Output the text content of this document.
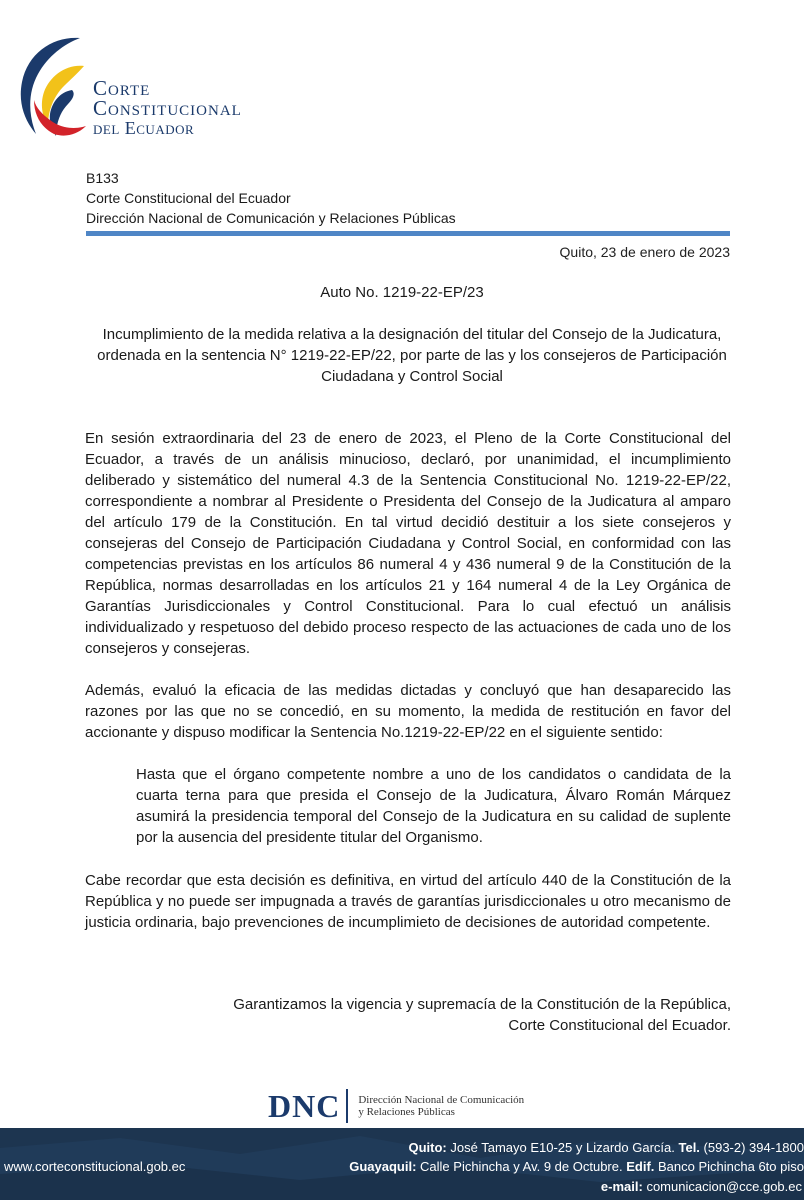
Corte
Constitucional
del Ecuador
B133
Corte Constitucional del Ecuador
Dirección Nacional de Comunicación y Relaciones Públicas
Quito, 23 de enero de 2023
Auto No. 1219-22-EP/23
Incumplimiento de la medida relativa a la designación del titular del Consejo de la Judicatura, ordenada en la sentencia N° 1219-22-EP/22, por parte de las y los consejeros de Participación Ciudadana y Control Social

En sesión extraordinaria del 23 de enero de 2023, el Pleno de la Corte Constitucional del Ecuador, a través de un análisis minucioso, declaró, por unanimidad, el incumplimiento deliberado y sistemático del numeral 4.3 de la Sentencia Constitucional No. 1219-22-EP/22, correspondiente a nombrar al Presidente o Presidenta del Consejo de la Judicatura al amparo del artículo 179 de la Constitución. En tal virtud decidió destituir a los siete consejeros y consejeras del Consejo de Participación Ciudadana y Control Social, en conformidad con las competencias previstas en los artículos 86 numeral 4 y 436 numeral 9 de la Constitución de la República, normas desarrolladas en los artículos 21 y 164 numeral 4 de la Ley Orgánica de Garantías Jurisdiccionales y Control Constitucional. Para lo cual efectuó un análisis individualizado y respetuoso del debido proceso respecto de las actuaciones de cada uno de los consejeros y consejeras.

Además, evaluó la eficacia de las medidas dictadas y concluyó que han desaparecido las razones por las que no se concedió, en su momento, la medida de restitución en favor del accionante y dispuso modificar la Sentencia No.1219-22-EP/22 en el siguiente sentido:

Hasta que el órgano competente nombre a uno de los candidatos o candidata de la cuarta terna para que presida el Consejo de la Judicatura, Álvaro Román Márquez asumirá la presidencia temporal del Consejo de la Judicatura en su calidad de suplente por la ausencia del presidente titular del Organismo.

Cabe recordar que esta decisión es definitiva, en virtud del artículo 440 de la Constitución de la República y no puede ser impugnada a través de garantías jurisdiccionales u otro mecanismo de justicia ordinaria, bajo prevenciones de incumplimieto de decisiones de autoridad competente.

Garantizamos la vigencia y supremacía de la Constitución de la República,
Corte Constitucional del Ecuador.
DNC Dirección Nacional de Comunicación
y Relaciones Públicas
www.corteconstitucional.gob.ec
Quito: José Tamayo E10-25 y Lizardo García. Tel. (593-2) 394-1800
Guayaquil: Calle Pichincha y Av. 9 de Octubre. Edif. Banco Pichincha 6to piso
e-mail: comunicacion@cce.gob.ec
